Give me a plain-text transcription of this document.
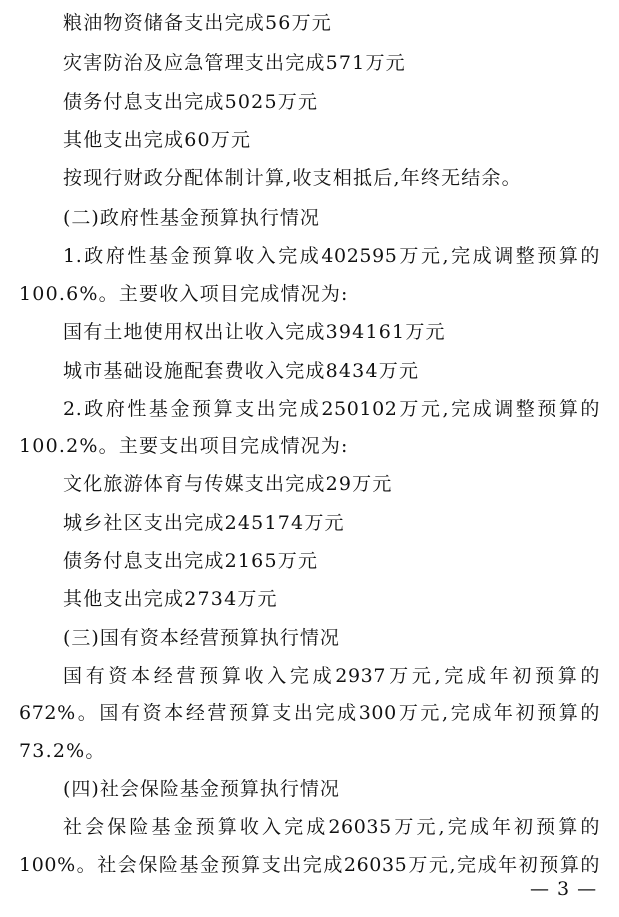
粮油物资储备支出完成56万元
灾害防治及应急管理支出完成571万元
债务付息支出完成5025万元
其他支出完成60万元
按现行财政分配体制计算,收支相抵后,年终无结余。
(二)政府性基金预算执行情况
1.政府性基金预算收入完成402595万元,完成调整预算的
100.6%。主要收入项目完成情况为:
国有土地使用权出让收入完成394161万元
城市基础设施配套费收入完成8434万元
2.政府性基金预算支出完成250102万元,完成调整预算的
100.2%。主要支出项目完成情况为:
文化旅游体育与传媒支出完成29万元
城乡社区支出完成245174万元
债务付息支出完成2165万元
其他支出完成2734万元
(三)国有资本经营预算执行情况
国有资本经营预算收入完成2937万元,完成年初预算的
672%。国有资本经营预算支出完成300万元,完成年初预算的
73.2%。
(四)社会保险基金预算执行情况
社会保险基金预算收入完成26035万元,完成年初预算的
100%。社会保险基金预算支出完成26035万元,完成年初预算的
— 3 —
